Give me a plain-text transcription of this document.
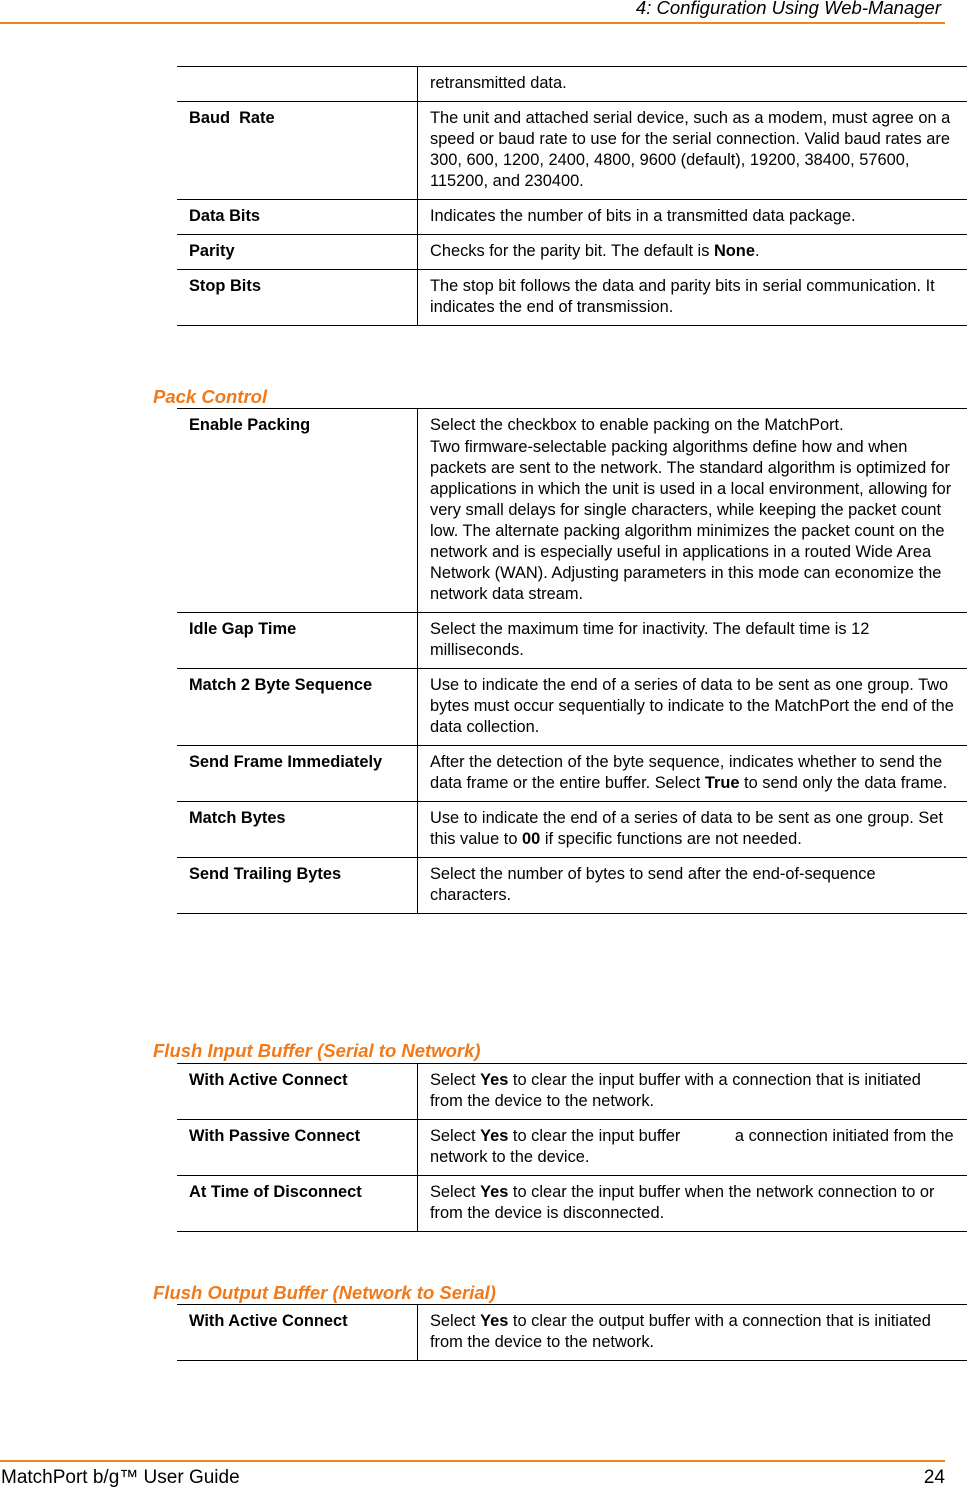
4: Configuration Using Web-Manager
	retransmitted data.
Baud  Rate	The unit and attached serial device, such as a modem, must agree on a speed or baud rate to use for the serial connection. Valid baud rates are 300, 600, 1200, 2400, 4800, 9600 (default), 19200, 38400, 57600, 115200, and 230400.
Data Bits	Indicates the number of bits in a transmitted data package.
Parity	Checks for the parity bit. The default is None.
Stop Bits	The stop bit follows the data and parity bits in serial communication. It indicates the end of transmission.
Pack Control
Enable Packing	Select the checkbox to enable packing on the MatchPort.

Two firmware-selectable packing algorithms define how and when packets are sent to the network. The standard algorithm is optimized for applications in which the unit is used in a local environment, allowing for very small delays for single characters, while keeping the packet count low. The alternate packing algorithm minimizes the packet count on the network and is especially useful in applications in a routed Wide Area Network (WAN). Adjusting parameters in this mode can economize the network data stream.

Idle Gap Time	Select the maximum time for inactivity. The default time is 12 milliseconds.
Match 2 Byte Sequence	Use to indicate the end of a series of data to be sent as one group. Two bytes must occur sequentially to indicate to the MatchPort the end of the data collection.
Send Frame Immediately	After the detection of the byte sequence, indicates whether to send the data frame or the entire buffer. Select True to send only the data frame.
Match Bytes	Use to indicate the end of a series of data to be sent as one group. Set this value to 00 if specific functions are not needed.
Send Trailing Bytes	Select the number of bytes to send after the end-of-sequence characters.
Flush Input Buffer (Serial to Network)
With Active Connect	Select Yes to clear the input buffer with a connection that is initiated from the device to the network.
With Passive Connect	Select Yes to clear the input buffer            a connection initiated from the network to the device.
At Time of Disconnect	Select Yes to clear the input buffer when the network connection to or from the device is disconnected.
Flush Output Buffer (Network to Serial)
With Active Connect	Select Yes to clear the output buffer with a connection that is initiated from the device to the network.
MatchPort b/g™ User Guide	24
